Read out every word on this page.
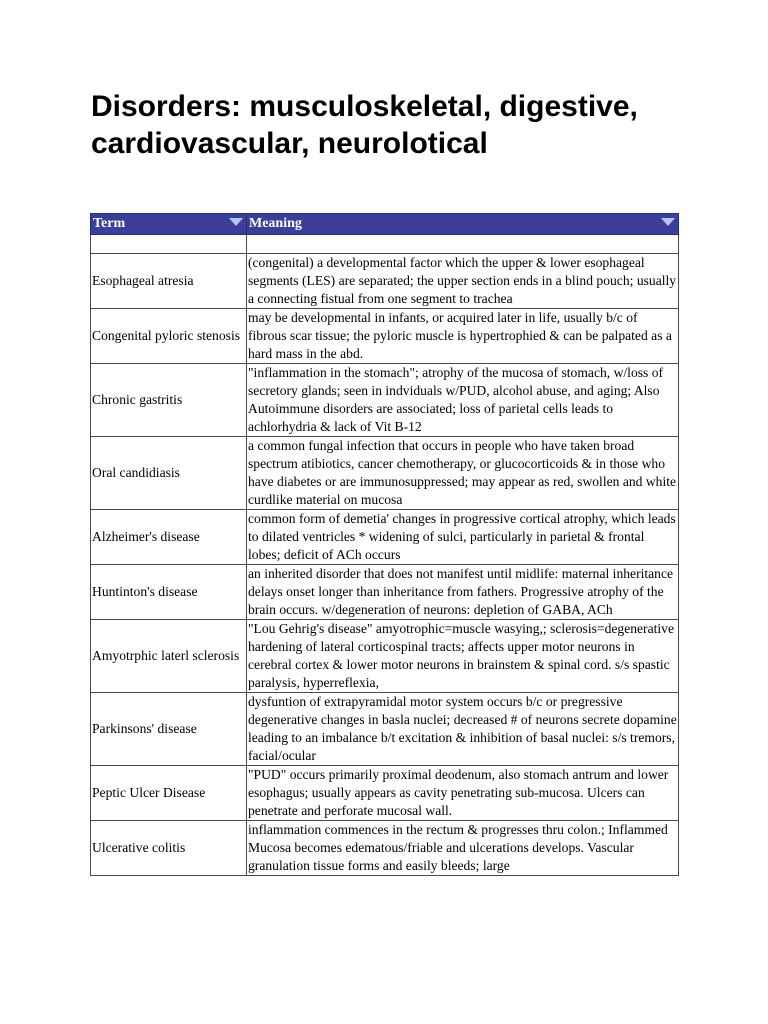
Disorders: musculoskeletal, digestive, cardiovascular, neurolotical
Term	Meaning

Esophageal atresia	(congenital) a developmental factor which the upper & lower esophageal segments (LES) are separated; the upper section ends in a blind pouch; usually a connecting fistual from one segment to trachea
Congenital pyloric stenosis	may be developmental in infants, or acquired later in life, usually b/c of fibrous scar tissue; the pyloric muscle is hypertrophied & can be palpated as a hard mass in the abd.
Chronic gastritis	"inflammation in the stomach"; atrophy of the mucosa of stomach, w/loss of secretory glands; seen in indviduals w/PUD, alcohol abuse, and aging; Also Autoimmune disorders are associated; loss of parietal cells leads to achlorhydria & lack of Vit B-12
Oral candidiasis	a common fungal infection that occurs in people who have taken broad spectrum atibiotics, cancer chemotherapy, or glucocorticoids & in those who have diabetes or are immunosuppressed; may appear as red, swollen and white curdlike material on mucosa
Alzheimer's disease	common form of demetia' changes in progressive cortical atrophy, which leads to dilated ventricles * widening of sulci, particularly in parietal & frontal lobes; deficit of ACh occurs
Huntinton's disease	an inherited disorder that does not manifest until midlife: maternal inheritance delays onset longer than inheritance from fathers. Progressive atrophy of the brain occurs. w/degeneration of neurons: depletion of GABA, ACh
Amyotrphic laterl sclerosis	"Lou Gehrig's disease" amyotrophic=muscle wasying,; sclerosis=degenerative hardening of lateral corticospinal tracts; affects upper motor neurons in cerebral cortex & lower motor neurons in brainstem & spinal cord. s/s spastic paralysis, hyperreflexia,
Parkinsons' disease	dysfuntion of extrapyramidal motor system occurs b/c or pregressive degenerative changes in basla nuclei; decreased # of neurons secrete dopamine leading to an imbalance b/t excitation & inhibition of basal nuclei: s/s tremors, facial/ocular
Peptic Ulcer Disease	"PUD" occurs primarily proximal deodenum, also stomach antrum and lower esophagus; usually appears as cavity penetrating sub-mucosa. Ulcers can penetrate and perforate mucosal wall.
Ulcerative colitis	inflammation commences in the rectum & progresses thru colon.; Inflammed Mucosa becomes edematous/friable and ulcerations develops. Vascular granulation tissue forms and easily bleeds; large
